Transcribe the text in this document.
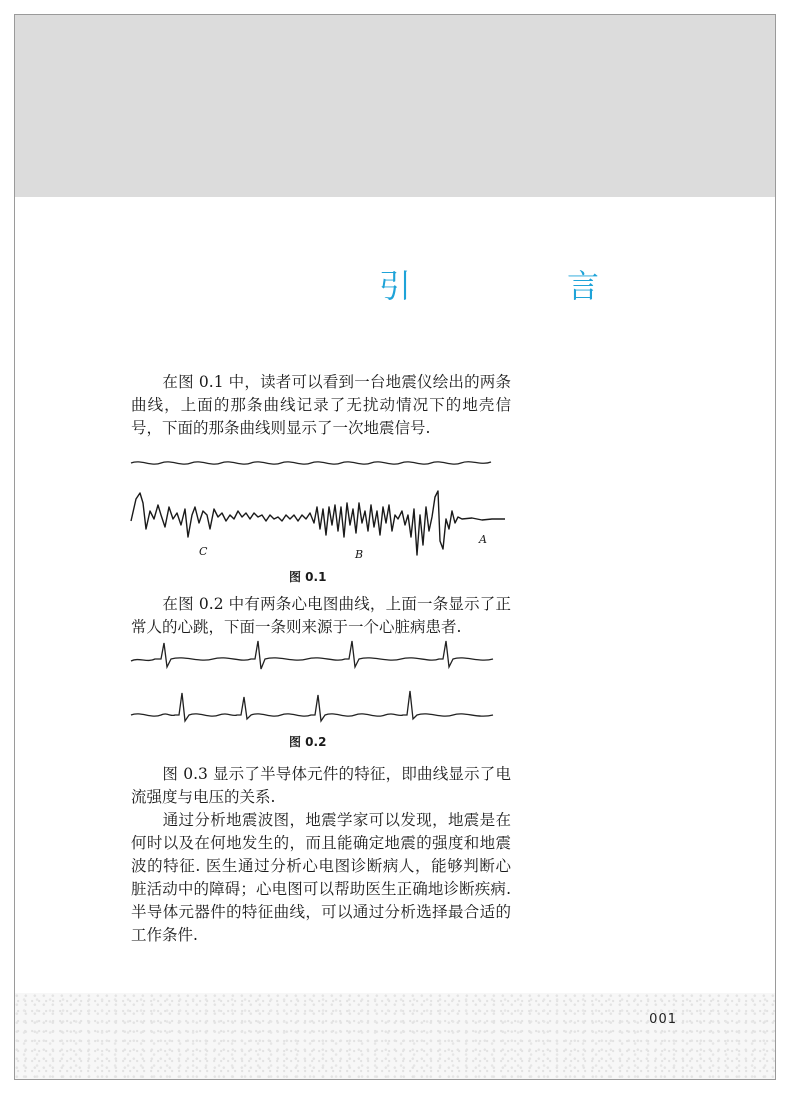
引　言

　　在图 0.1 中，读者可以看到一台地震仪绘出的两条曲线，上面的那条曲线记录了无扰动情况下的地壳信号，下面的那条曲线则显示了一次地震信号.

C	B
A

图 0.1

　　在图 0.2 中有两条心电图曲线，上面一条显示了正常人的心跳，下面一条则来源于一个心脏病患者.

图 0.2

　　图 0.3 显示了半导体元件的特征，即曲线显示了电流强度与电压的关系.

　　通过分析地震波图，地震学家可以发现，地震是在何时以及在何地发生的，而且能确定地震的强度和地震波的特征. 医生通过分析心电图诊断病人，能够判断心脏活动中的障碍；心电图可以帮助医生正确地诊断疾病. 半导体元器件的特征曲线，可以通过分析选择最合适的工作条件.

001
